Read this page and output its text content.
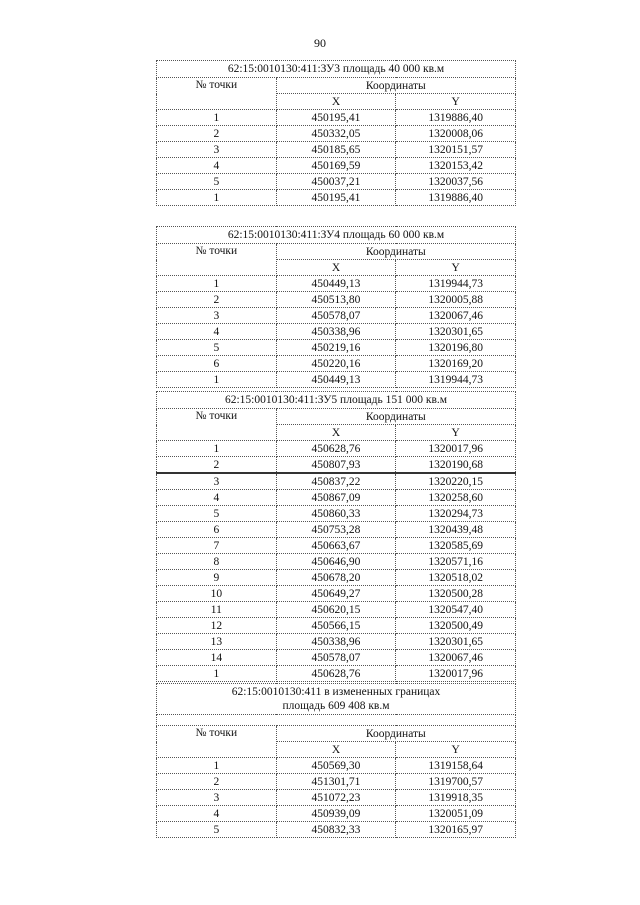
90
62:15:0010130:411:ЗУ3 площадь 40 000 кв.м		
№ точки	Координаты	
	X	Y
1	450195,41	1319886,40
2	450332,05	1320008,06
3	450185,65	1320151,57
4	450169,59	1320153,42
5	450037,21	1320037,56
1	450195,41	1319886,40
62:15:0010130:411:ЗУ4 площадь 60 000 кв.м		
№ точки	Координаты	
	X	Y
1	450449,13	1319944,73
2	450513,80	1320005,88
3	450578,07	1320067,46
4	450338,96	1320301,65
5	450219,16	1320196,80
6	450220,16	1320169,20
1	450449,13	1319944,73
62:15:0010130:411:ЗУ5 площадь 151 000 кв.м		
№ точки	Координаты	
	X	Y
1	450628,76	1320017,96
2	450807,93	1320190,68
3	450837,22	1320220,15
4	450867,09	1320258,60
5	450860,33	1320294,73
6	450753,28	1320439,48
7	450663,67	1320585,69
8	450646,90	1320571,16
9	450678,20	1320518,02
10	450649,27	1320500,28
11	450620,15	1320547,40
12	450566,15	1320500,49
13	450338,96	1320301,65
14	450578,07	1320067,46
1	450628,76	1320017,96
62:15:0010130:411 в измененных границах
площадь 609 408 кв.м		

№ точки	Координаты	
	X	Y
1	450569,30	1319158,64
2	451301,71	1319700,57
3	451072,23	1319918,35
4	450939,09	1320051,09
5	450832,33	1320165,97
